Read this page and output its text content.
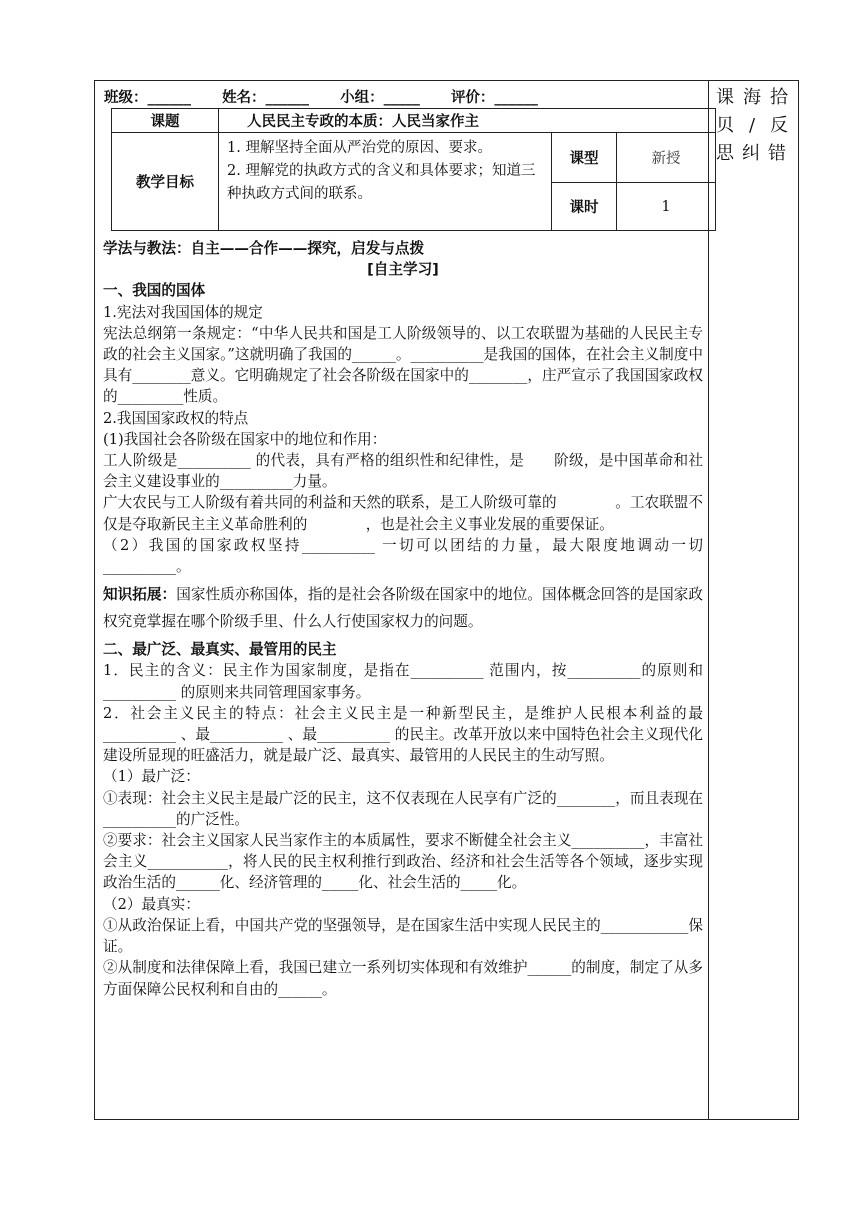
课海拾贝/反思纠错
班级：______ 姓名：______ 小组：_____ 评价：______
课题	人民民主专政的本质：人民当家作主		
教学目标	1. 理解坚持全面从严治党的原因、要求。
2. 理解党的执政方式的含义和具体要求；知道三种执政方式间的联系。	课型	新授
		课时	1

学法与教法：自主——合作——探究，启发与点拨

[自主学习]

一、我国的国体

1.宪法对我国国体的规定

宪法总纲第一条规定：“中华人民共和国是工人阶级领导的、以工农联盟为基础的人民民主专政的社会主义国家。”这就明确了我国的______。__________是我国的国体，在社会主义制度中具有________意义。它明确规定了社会各阶级在国家中的________，庄严宣示了我国国家政权的_________性质。

2.我国国家政权的特点

(1)我国社会各阶级在国家中的地位和作用：

工人阶级是__________ 的代表，具有严格的组织性和纪律性，是　　阶级，是中国革命和社会主义建设事业的__________力量。

广大农民与工人阶级有着共同的利益和天然的联系，是工人阶级可靠的　　　　。工农联盟不仅是夺取新民主主义革命胜利的　　　　，也是社会主义事业发展的重要保证。

（2）我国的国家政权坚持__________ 一切可以团结的力量，最大限度地调动一切__________。

知识拓展：国家性质亦称国体，指的是社会各阶级在国家中的地位。国体概念回答的是国家政权究竟掌握在哪个阶级手里、什么人行使国家权力的问题。

二、最广泛、最真实、最管用的民主

1．民主的含义：民主作为国家制度，是指在__________ 范围内，按__________的原则和__________ 的原则来共同管理国家事务。

2．社会主义民主的特点：社会主义民主是一种新型民主，是维护人民根本利益的最__________ 、最__________ 、最__________ 的民主。改革开放以来中国特色社会主义现代化建设所显现的旺盛活力，就是最广泛、最真实、最管用的人民民主的生动写照。

（1）最广泛：

①表现：社会主义民主是最广泛的民主，这不仅表现在人民享有广泛的________，而且表现在__________的广泛性。

②要求：社会主义国家人民当家作主的本质属性，要求不断健全社会主义__________，丰富社会主义___________，将人民的民主权利推行到政治、经济和社会生活等各个领域，逐步实现政治生活的______化、经济管理的_____化、社会生活的_____化。

（2）最真实：

①从政治保证上看，中国共产党的坚强领导，是在国家生活中实现人民民主的____________保证。

②从制度和法律保障上看，我国已建立一系列切实体现和有效维护______的制度，制定了从多方面保障公民权利和自由的______。
